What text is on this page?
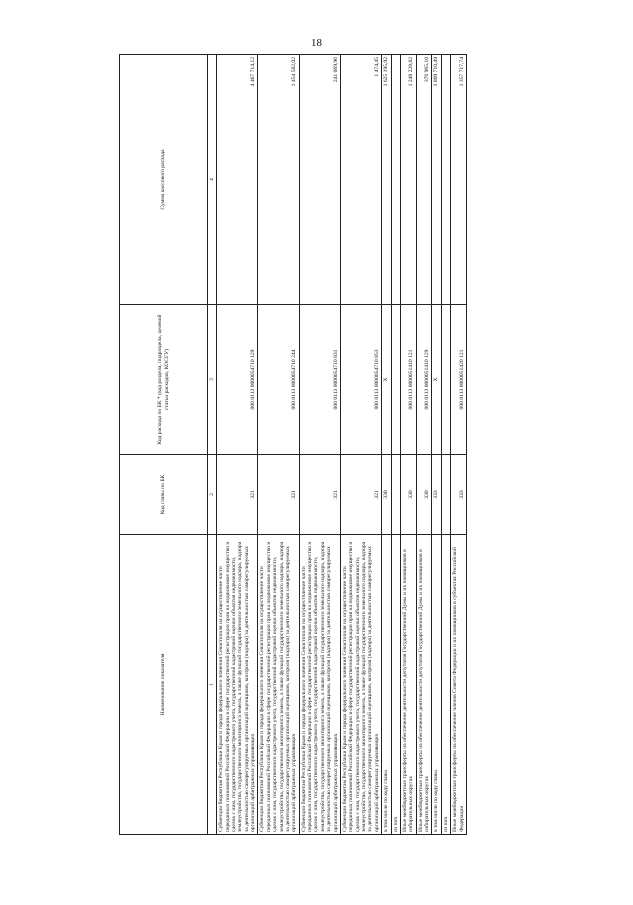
18
Наименование показателя	Код главы по БК	Код расхода по БК * (код раздела, подраздела, целевой статьи расходов, КОСГУ)	Сумма кассового расхода
1	2	3	4
Субвенции бюджетам Республики Крым и города федерального значения Севастополя на осуществление части переданных полномочий Российской Федерации в сфере государственной регистрации прав на недвижимое имущество и сделок с ним, государственного кадастрового учета, государственной кадастровой оценки объектов недвижимости, землеустройства, государственного мониторинга земель, а также функций государственного земельного надзора, надзора за деятельностью саморегулируемых организаций оценщиков, контроля (надзора) за деятельностью саморегулируемых организаций арбитражных управляющих	321	000 0113 0000054710 129	4 467 714,12
Субвенции бюджетам Республики Крым и города федерального значения Севастополя на осуществление части переданных полномочий Российской Федерации в сфере государственной регистрации прав на недвижимое имущество и сделок с ним, государственного кадастрового учета, государственной кадастровой оценки объектов недвижимости, землеустройства, государственного мониторинга земель, а также функций государственного земельного надзора, надзора за деятельностью саморегулируемых организаций оценщиков, контроля (надзора) за деятельностью саморегулируемых организаций арбитражных управляющих	321	000 0113 0000054710 244	1 454 582,02
Субвенции бюджетам Республики Крым и города федерального значения Севастополя на осуществление части переданных полномочий Российской Федерации в сфере государственной регистрации прав на недвижимое имущество и сделок с ним, государственного кадастрового учета, государственной кадастровой оценки объектов недвижимости, землеустройства, государственного мониторинга земель, а также функций государственного земельного надзора, надзора за деятельностью саморегулируемых организаций оценщиков, контроля (надзора) за деятельностью саморегулируемых организаций арбитражных управляющих	321	000 0113 0000054710 831	241 069,96
Субвенции бюджетам Республики Крым и города федерального значения Севастополя на осуществление части переданных полномочий Российской Федерации в сфере государственной регистрации прав на недвижимое имущество и сделок с ним, государственного кадастрового учета, государственной кадастровой оценки объектов недвижимости, землеустройства, государственного мониторинга земель, а также функций государственного земельного надзора, надзора за деятельностью саморегулируемых организаций оценщиков, контроля (надзора) за деятельностью саморегулируемых организаций арбитражных управляющих	321	000 0113 0000054710 853	1 474,45
в том числе по коду главы	330	Х	1 625 195,92
из них			
Иные межбюджетные трансферты на обеспечение деятельности депутатов Государственной Думы и их помощников в избирательных округах	330	000 0113 0000051410 121	1 248 228,82
Иные межбюджетные трансферты на обеспечение деятельности депутатов Государственной Думы и их помощников в избирательных округах	330	000 0113 0000051410 129	376 965,10
в том числе по коду главы	333	Х	1 809 710,49
из них			
Иные межбюджетные трансферты на обеспечение членов Совета Федерации и их помощников в субъектах Российской Федерации	333	000 0113 0000051420 121	1 357 717,74
